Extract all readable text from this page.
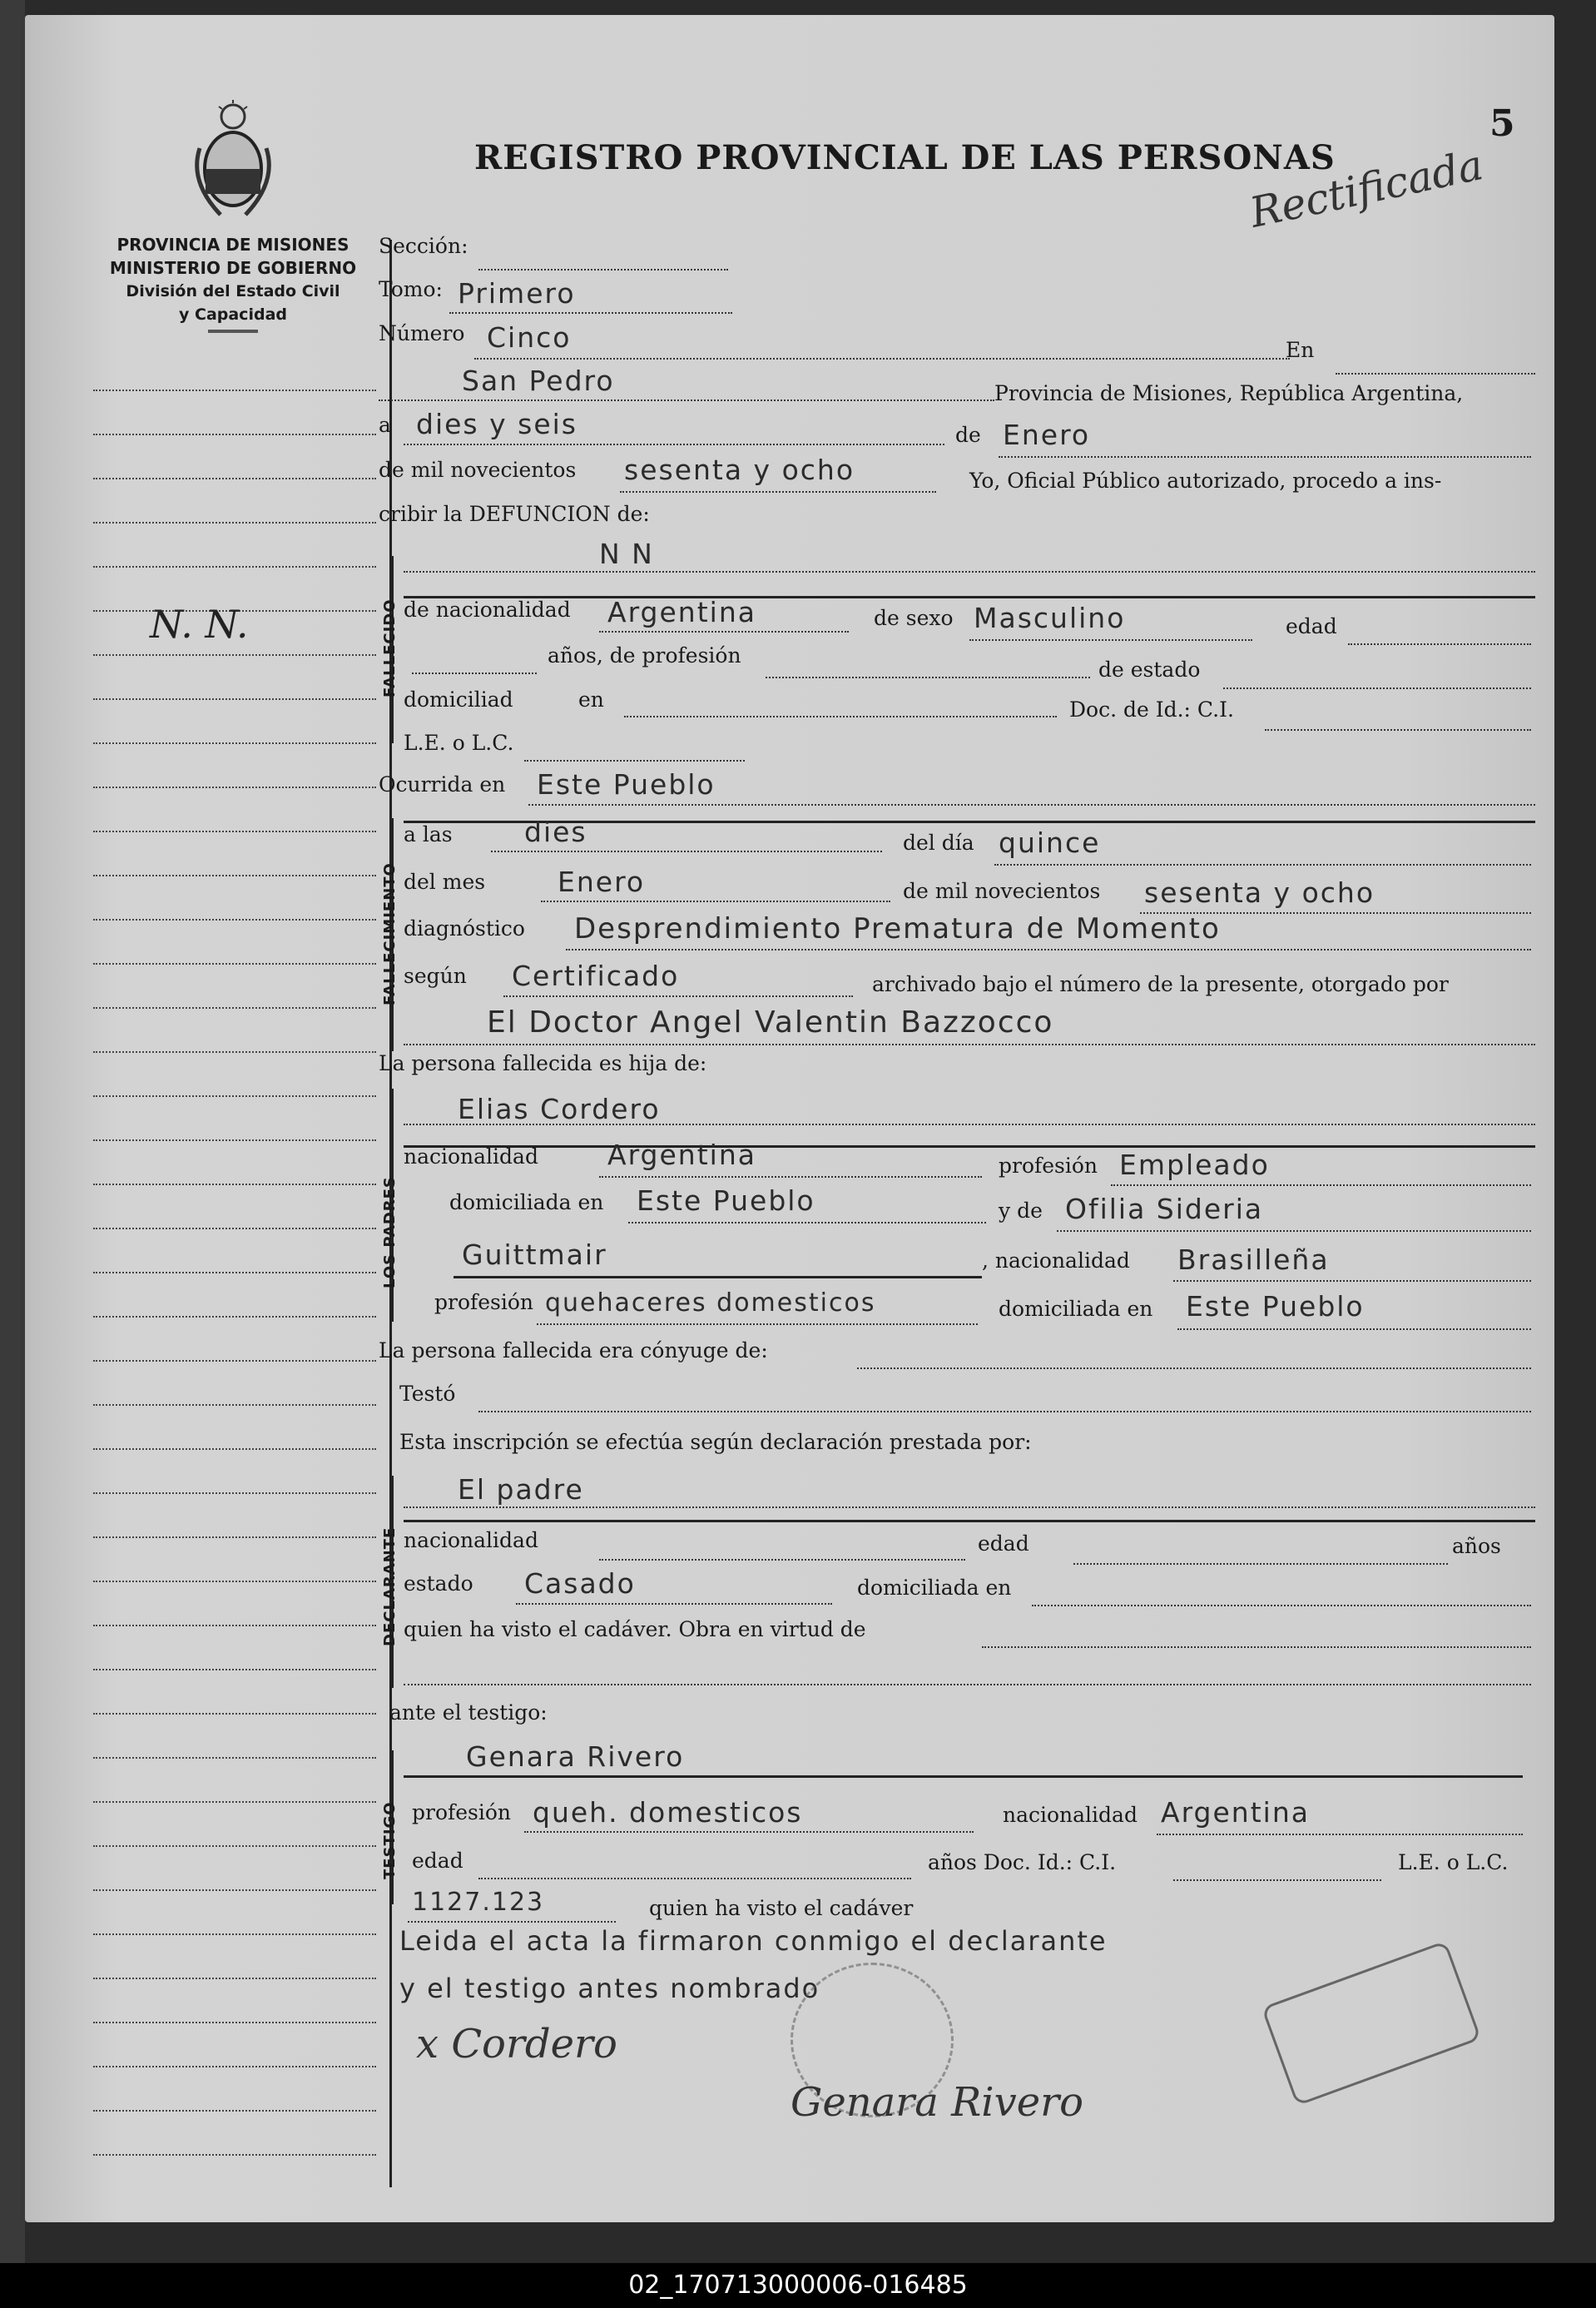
PROVINCIA DE MISIONES
MINISTERIO DE GOBIERNO
División del Estado Civil
y Capacidad
REGISTRO PROVINCIAL DE LAS PERSONAS
5
Rectificada
N. N.
Sección:
Tomo: Primero
Número Cinco	En
San Pedro	Provincia de Misiones, República Argentina,
a dies y seis	de Enero
de mil novecientos sesenta y ocho	Yo, Oficial Público autorizado, procedo a ins-
cribir la DEFUNCION de:
FALLECIDO
N N
de nacionalidad Argentina	de sexo Masculino	edad
años, de profesión
de estado
domiciliad	en	Doc. de Id.: C.I.
L.E. o L.C.
Ocurrida en Este Pueblo
FALLECIMIENTO
a las	dies	del día quince
del mes	Enero	de mil novecientos sesenta y ocho
diagnóstico Desprendimiento Prematura de Momento
según Certificado	archivado bajo el número de la presente, otorgado por
El Doctor Angel Valentin Bazzocco
La persona fallecida es hija de:
LOS PADRES
Elias Cordero
nacionalidad	Argentina	profesión Empleado
domiciliada en Este Pueblo	y de Ofilia Sideria
Guittmair	, nacionalidad Brasilleña
profesión quehaceres domesticos	domiciliada en Este Pueblo
La persona fallecida era cónyuge de:
Testó
Esta inscripción se efectúa según declaración prestada por:
DECLARANTE
El padre
nacionalidad	edad	años
estado Casado	domiciliada en
quien ha visto el cadáver. Obra en virtud de
ante el testigo:
TESTIGO
Genara Rivero
profesión queh. domesticos	nacionalidad Argentina
edad	años Doc. Id.: C.I.	L.E. o L.C.
1127.123	quien ha visto el cadáver
Leida el acta la firmaron conmigo el declarante
y el testigo antes nombrado
x Cordero
Genara Rivero
02_170713000006-016485
